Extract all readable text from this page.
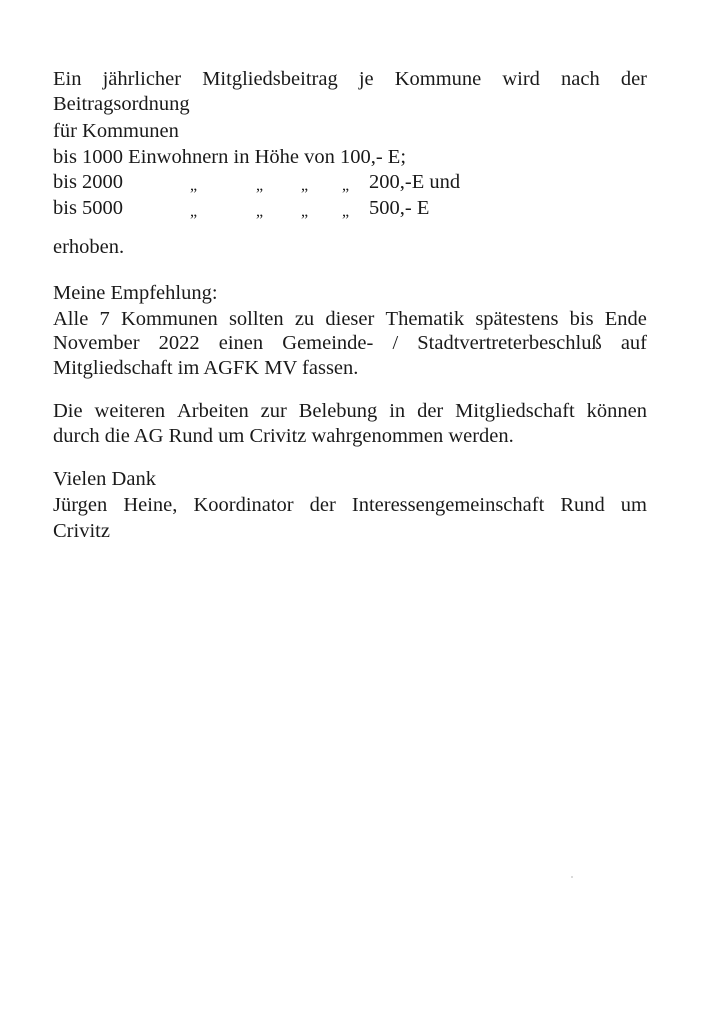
Ein jährlicher Mitgliedsbeitrag je Kommune wird nach der
Beitragsordnung
für Kommunen
bis 1000 Einwohnern in Höhe von 100,- E;
bis 2000	„	„ „ „ 200,-E und
bis 5000	„	„ „ „ 500,- E
erhoben.
Meine Empfehlung:
Alle 7 Kommunen sollten zu dieser Thematik spätestens bis Ende
November 2022 einen Gemeinde- / Stadtvertreterbeschluß auf
Mitgliedschaft im AGFK MV fassen.
Die weiteren Arbeiten zur Belebung in der Mitgliedschaft können
durch die AG Rund um Crivitz wahrgenommen werden.
Vielen Dank
Jürgen Heine, Koordinator der Interessengemeinschaft Rund um
Crivitz
